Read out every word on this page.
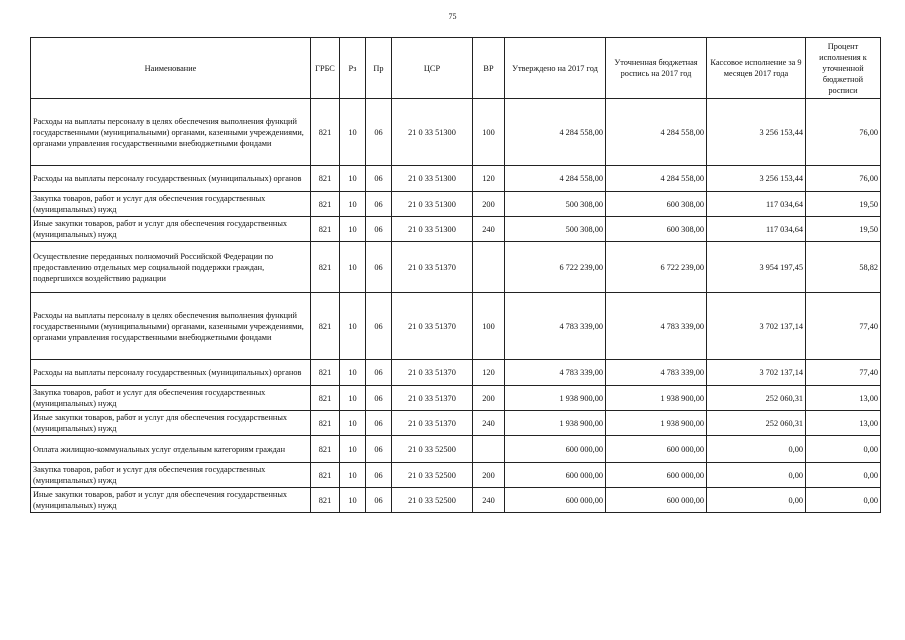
75
Наименование	ГРБС	Рз	Пр	ЦСР	ВР	Утверждено на 2017 год	Уточненная бюджетная роспись на 2017 год	Кассовое исполнение за 9 месяцев 2017 года	Процент исполнения к уточненной бюджетной росписи
Расходы на выплаты персоналу в целях обеспечения выполнения функций государственными (муниципальными) органами, казенными учреждениями, органами управления государственными внебюджетными фондами	821	10	06	21 0 33 51300	100	4 284 558,00	4 284 558,00	3 256 153,44	76,00
Расходы на выплаты персоналу государственных (муниципальных) органов	821	10	06	21 0 33 51300	120	4 284 558,00	4 284 558,00	3 256 153,44	76,00
Закупка товаров, работ и услуг для обеспечения государственных (муниципальных) нужд	821	10	06	21 0 33 51300	200	500 308,00	600 308,00	117 034,64	19,50
Иные закупки товаров, работ и услуг для обеспечения государственных (муниципальных) нужд	821	10	06	21 0 33 51300	240	500 308,00	600 308,00	117 034,64	19,50
Осуществление переданных полномочий Российской Федерации по предоставлению отдельных мер социальной поддержки граждан, подвергшихся воздействию радиации	821	10	06	21 0 33 51370		6 722 239,00	6 722 239,00	3 954 197,45	58,82
Расходы на выплаты персоналу в целях обеспечения выполнения функций государственными (муниципальными) органами, казенными учреждениями, органами управления государственными внебюджетными фондами	821	10	06	21 0 33 51370	100	4 783 339,00	4 783 339,00	3 702 137,14	77,40
Расходы на выплаты персоналу государственных (муниципальных) органов	821	10	06	21 0 33 51370	120	4 783 339,00	4 783 339,00	3 702 137,14	77,40
Закупка товаров, работ и услуг для обеспечения государственных (муниципальных) нужд	821	10	06	21 0 33 51370	200	1 938 900,00	1 938 900,00	252 060,31	13,00
Иные закупки товаров, работ и услуг для обеспечения государственных (муниципальных) нужд	821	10	06	21 0 33 51370	240	1 938 900,00	1 938 900,00	252 060,31	13,00
Оплата жилищно-коммунальных услуг отдельным категориям граждан	821	10	06	21 0 33 52500		600 000,00	600 000,00	0,00	0,00
Закупка товаров, работ и услуг для обеспечения государственных (муниципальных) нужд	821	10	06	21 0 33 52500	200	600 000,00	600 000,00	0,00	0,00
Иные закупки товаров, работ и услуг для обеспечения государственных (муниципальных) нужд	821	10	06	21 0 33 52500	240	600 000,00	600 000,00	0,00	0,00
